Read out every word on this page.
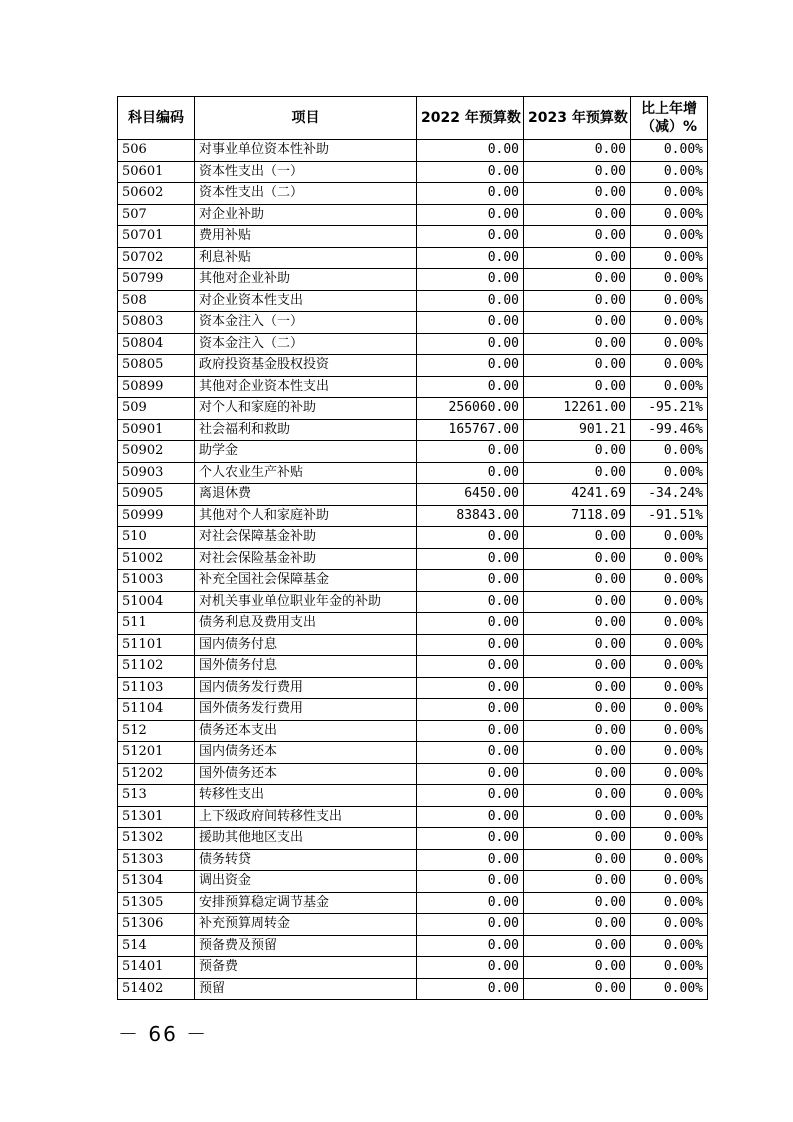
科目编码	项目	2022 年预算数	2023 年预算数	比上年增
（减）%

506	对事业单位资本性补助	0.00	0.00	0.00%
50601	资本性支出（一）	0.00	0.00	0.00%
50602	资本性支出（二）	0.00	0.00	0.00%
507	对企业补助	0.00	0.00	0.00%
50701	费用补贴	0.00	0.00	0.00%
50702	利息补贴	0.00	0.00	0.00%
50799	其他对企业补助	0.00	0.00	0.00%
508	对企业资本性支出	0.00	0.00	0.00%
50803	资本金注入（一）	0.00	0.00	0.00%
50804	资本金注入（二）	0.00	0.00	0.00%
50805	政府投资基金股权投资	0.00	0.00	0.00%
50899	其他对企业资本性支出	0.00	0.00	0.00%
509	对个人和家庭的补助	256060.00	12261.00	-95.21%
50901	社会福利和救助	165767.00	901.21	-99.46%
50902	助学金	0.00	0.00	0.00%
50903	个人农业生产补贴	0.00	0.00	0.00%
50905	离退休费	6450.00	4241.69	-34.24%
50999	其他对个人和家庭补助	83843.00	7118.09	-91.51%
510	对社会保障基金补助	0.00	0.00	0.00%
51002	对社会保险基金补助	0.00	0.00	0.00%
51003	补充全国社会保障基金	0.00	0.00	0.00%
51004	对机关事业单位职业年金的补助	0.00	0.00	0.00%
511	债务利息及费用支出	0.00	0.00	0.00%
51101	国内债务付息	0.00	0.00	0.00%
51102	国外债务付息	0.00	0.00	0.00%
51103	国内债务发行费用	0.00	0.00	0.00%
51104	国外债务发行费用	0.00	0.00	0.00%
512	债务还本支出	0.00	0.00	0.00%
51201	国内债务还本	0.00	0.00	0.00%
51202	国外债务还本	0.00	0.00	0.00%
513	转移性支出	0.00	0.00	0.00%
51301	上下级政府间转移性支出	0.00	0.00	0.00%
51302	援助其他地区支出	0.00	0.00	0.00%
51303	债务转贷	0.00	0.00	0.00%
51304	调出资金	0.00	0.00	0.00%
51305	安排预算稳定调节基金	0.00	0.00	0.00%
51306	补充预算周转金	0.00	0.00	0.00%
514	预备费及预留	0.00	0.00	0.00%
51401	预备费	0.00	0.00	0.00%
51402	预留	0.00	0.00	0.00%
－ 66 －
